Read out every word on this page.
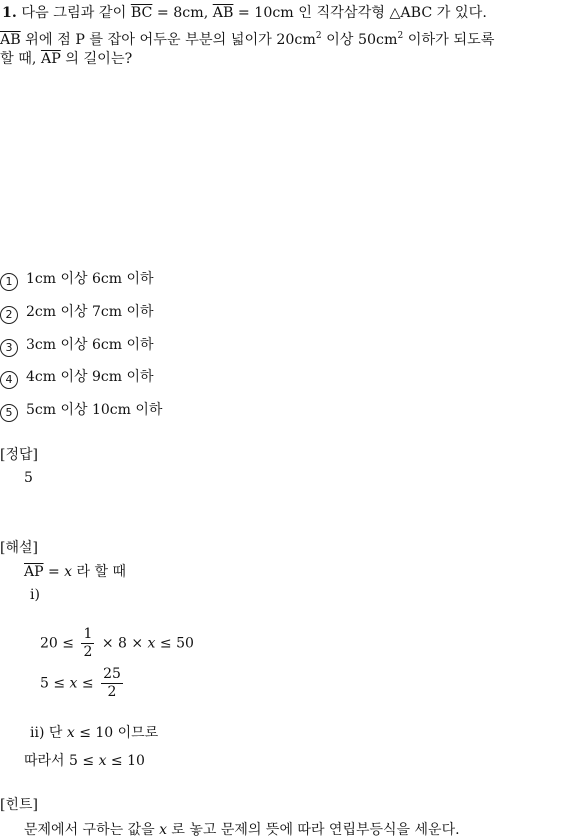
1. 다음 그림과 같이 $\overline{BC} = 8cm$, $\overline{AB} = 10cm$ 인 직각삼각형 △ABC 가 있다.
$\overline{AB}$ 위에 점 P 를 잡아 어두운 부분의 넓이가 $20cm^2$ 이상 $50cm^2$ 이하가 되도록
할 때, $\overline{AP}$ 의 길이는?
1 1cm 이상 6cm 이하
2 2cm 이상 7cm 이하
3 3cm 이상 6cm 이하
4 4cm 이상 9cm 이하
5 5cm 이상 10cm 이하
[정답]
5
[해설]
$\overline{AP} = x$ 라 할 때
ⅰ)
$20 \le \frac{1}{2} \times 8 \times x \le 50$
$5 \le x \le \frac{25}{2}$
ⅱ) 단 x ≤ 10 이므로
따라서 5 ≤ x ≤ 10
[힌트]
문제에서 구하는 값을 x 로 놓고 문제의 뜻에 따라 연립부등식을 세운다.
